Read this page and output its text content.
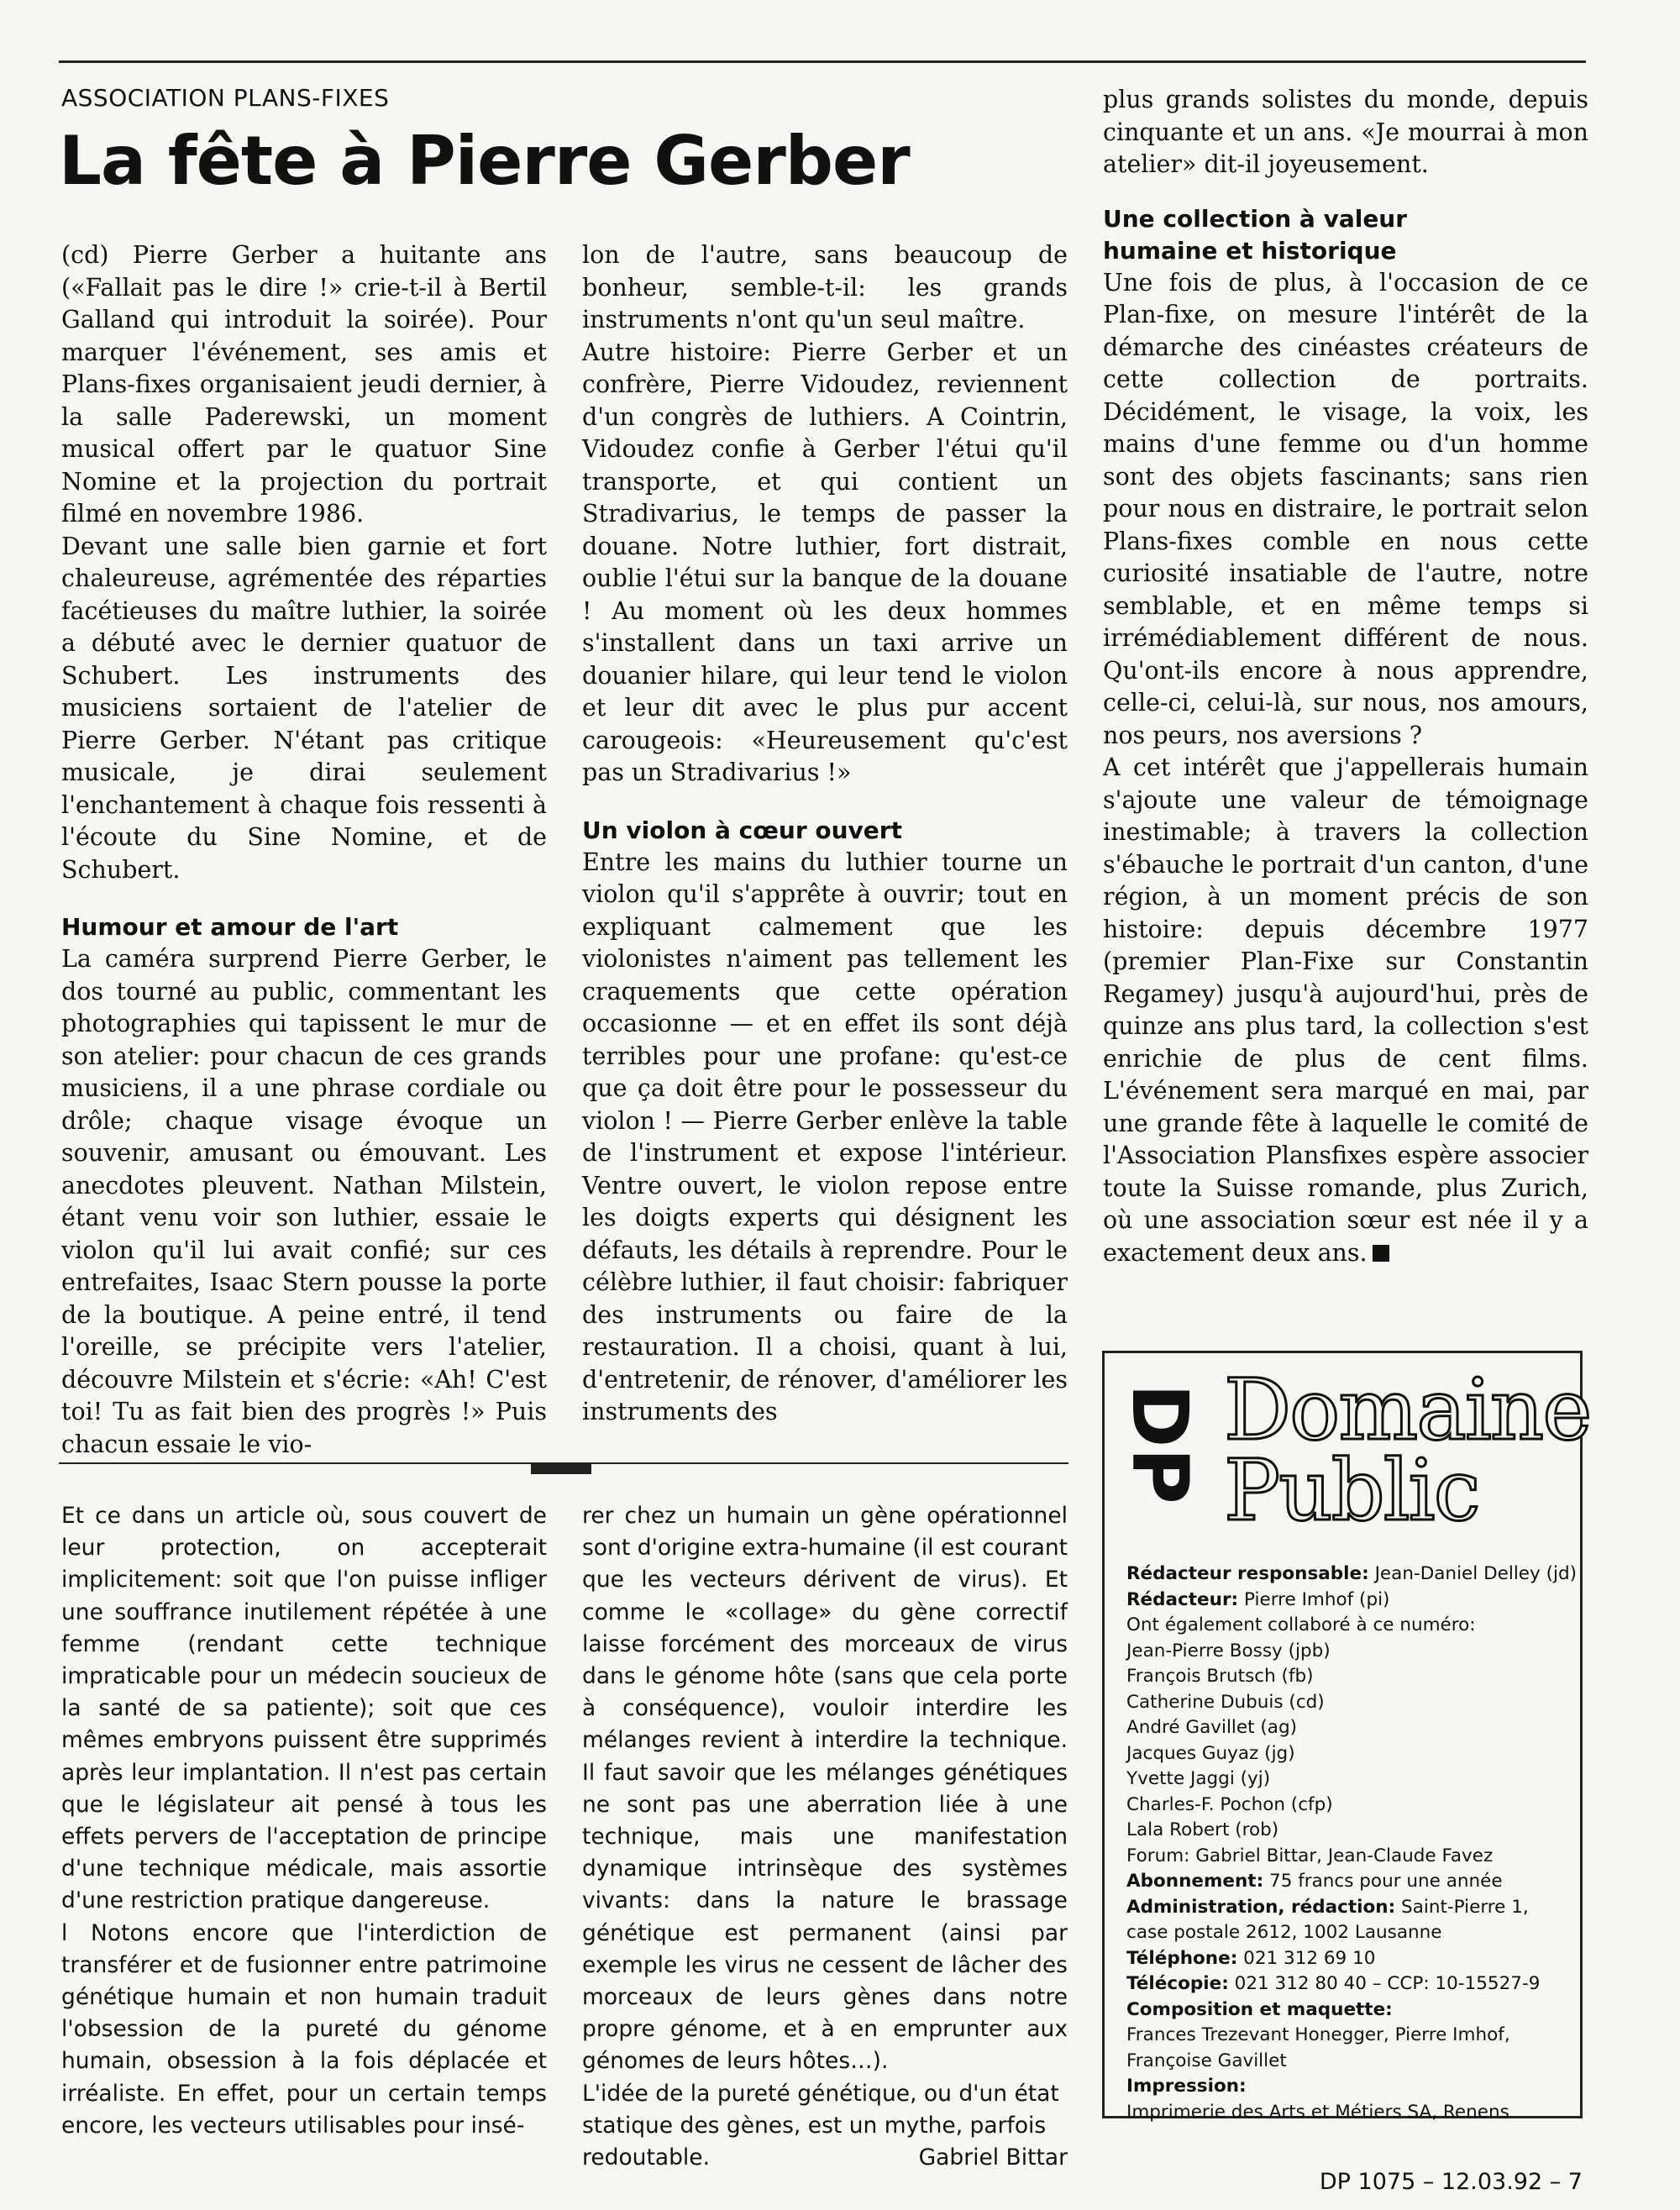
ASSOCIATION PLANS-FIXES
La fête à Pierre Gerber

(cd) Pierre Gerber a huitante ans («Fallait pas le dire !» crie-t-il à Bertil Galland qui introduit la soirée). Pour marquer l'événement, ses amis et Plans-fixes organisaient jeudi dernier, à la salle Paderewski, un moment musical offert par le quatuor Sine Nomine et la projection du portrait filmé en novembre 1986.

Devant une salle bien garnie et fort chaleureuse, agrémentée des réparties facétieuses du maître luthier, la soirée a débuté avec le dernier quatuor de Schubert. Les instruments des musiciens sortaient de l'atelier de Pierre Gerber. N'étant pas critique musicale, je dirai seulement l'enchantement à chaque fois ressenti à l'écoute du Sine Nomine, et de Schubert.

Humour et amour de l'art

La caméra surprend Pierre Gerber, le dos tourné au public, commentant les photographies qui tapissent le mur de son atelier: pour chacun de ces grands musiciens, il a une phrase cordiale ou drôle; chaque visage évoque un souvenir, amusant ou émouvant. Les anecdotes pleuvent. Nathan Milstein, étant venu voir son luthier, essaie le violon qu'il lui avait confié; sur ces entrefaites, Isaac Stern pousse la porte de la boutique. A peine entré, il tend l'oreille, se précipite vers l'atelier, découvre Milstein et s'écrie: «Ah! C'est toi! Tu as fait bien des progrès !» Puis chacun essaie le vio-

lon de l'autre, sans beaucoup de bonheur, semble-t-il: les grands instruments n'ont qu'un seul maître.

Autre histoire: Pierre Gerber et un confrère, Pierre Vidoudez, reviennent d'un congrès de luthiers. A Cointrin, Vidoudez confie à Gerber l'étui qu'il transporte, et qui contient un Stradivarius, le temps de passer la douane. Notre luthier, fort distrait, oublie l'étui sur la banque de la douane ! Au moment où les deux hommes s'installent dans un taxi arrive un douanier hilare, qui leur tend le violon et leur dit avec le plus pur accent carougeois: «Heureusement qu'c'est pas un Stradivarius !»

Un violon à cœur ouvert

Entre les mains du luthier tourne un violon qu'il s'apprête à ouvrir; tout en expliquant calmement que les violonistes n'aiment pas tellement les craquements que cette opération occasionne — et en effet ils sont déjà terribles pour une profane: qu'est-ce que ça doit être pour le possesseur du violon ! — Pierre Gerber enlève la table de l'instrument et expose l'intérieur. Ventre ouvert, le violon repose entre les doigts experts qui désignent les défauts, les détails à reprendre. Pour le célèbre luthier, il faut choisir: fabriquer des instruments ou faire de la restauration. Il a choisi, quant à lui, d'entretenir, de rénover, d'améliorer les instruments des

plus grands solistes du monde, depuis cinquante et un ans. «Je mourrai à mon atelier» dit-il joyeusement.

Une collection à valeur
humaine et historique

Une fois de plus, à l'occasion de ce Plan-fixe, on mesure l'intérêt de la démarche des cinéastes créateurs de cette collection de portraits. Décidément, le visage, la voix, les mains d'une femme ou d'un homme sont des objets fascinants; sans rien pour nous en distraire, le portrait selon Plans-fixes comble en nous cette curiosité insatiable de l'autre, notre semblable, et en même temps si irrémédiablement différent de nous. Qu'ont-ils encore à nous apprendre, celle-ci, celui-là, sur nous, nos amours, nos peurs, nos aversions ?

A cet intérêt que j'appellerais humain s'ajoute une valeur de témoignage inestimable; à travers la collection s'ébauche le portrait d'un canton, d'une région, à un moment précis de son histoire: depuis décembre 1977 (premier Plan-Fixe sur Constantin Regamey) jusqu'à aujourd'hui, près de quinze ans plus tard, la collection s'est enrichie de plus de cent films. L'événement sera marqué en mai, par une grande fête à laquelle le comité de l'Association Plansfixes espère associer toute la Suisse romande, plus Zurich, où une association sœur est née il y a exactement deux ans.

Et ce dans un article où, sous couvert de leur protection, on accepterait implicitement: soit que l'on puisse infliger une souffrance inutilement répétée à une femme (rendant cette technique impraticable pour un médecin soucieux de la santé de sa patiente); soit que ces mêmes embryons puissent être supprimés après leur implantation. Il n'est pas certain que le législateur ait pensé à tous les effets pervers de l'acceptation de principe d'une technique médicale, mais assortie d'une restriction pratique dangereuse.

l Notons encore que l'interdiction de transférer et de fusionner entre patrimoine génétique humain et non humain traduit l'obsession de la pureté du génome humain, obsession à la fois déplacée et irréaliste. En effet, pour un certain temps encore, les vecteurs utilisables pour insé-

rer chez un humain un gène opérationnel sont d'origine extra-humaine (il est courant que les vecteurs dérivent de virus). Et comme le «collage» du gène correctif laisse forcément des morceaux de virus dans le génome hôte (sans que cela porte à conséquence), vouloir interdire les mélanges revient à interdire la technique. Il faut savoir que les mélanges génétiques ne sont pas une aberration liée à une technique, mais une manifestation dynamique intrinsèque des systèmes vivants: dans la nature le brassage génétique est permanent (ainsi par exemple les virus ne cessent de lâcher des morceaux de leurs gènes dans notre propre génome, et à en emprunter aux génomes de leurs hôtes…).

L'idée de la pureté génétique, ou d'un état statique des gènes, est un mythe, parfois redoutable.	Gabriel Bittar

DP Domaine
Public
Rédacteur responsable: Jean-Daniel Delley (jd)
Rédacteur: Pierre Imhof (pi)
Ont également collaboré à ce numéro:
Jean-Pierre Bossy (jpb)
François Brutsch (fb)
Catherine Dubuis (cd)
André Gavillet (ag)
Jacques Guyaz (jg)
Yvette Jaggi (yj)
Charles-F. Pochon (cfp)
Lala Robert (rob)
Forum: Gabriel Bittar, Jean-Claude Favez
Abonnement: 75 francs pour une année
Administration, rédaction: Saint-Pierre 1,
case postale 2612, 1002 Lausanne
Téléphone: 021 312 69 10
Télécopie: 021 312 80 40 – CCP: 10-15527-9
Composition et maquette:
Frances Trezevant Honegger, Pierre Imhof,
Françoise Gavillet
Impression:
Imprimerie des Arts et Métiers SA, Renens
DP 1075 – 12.03.92 – 7
